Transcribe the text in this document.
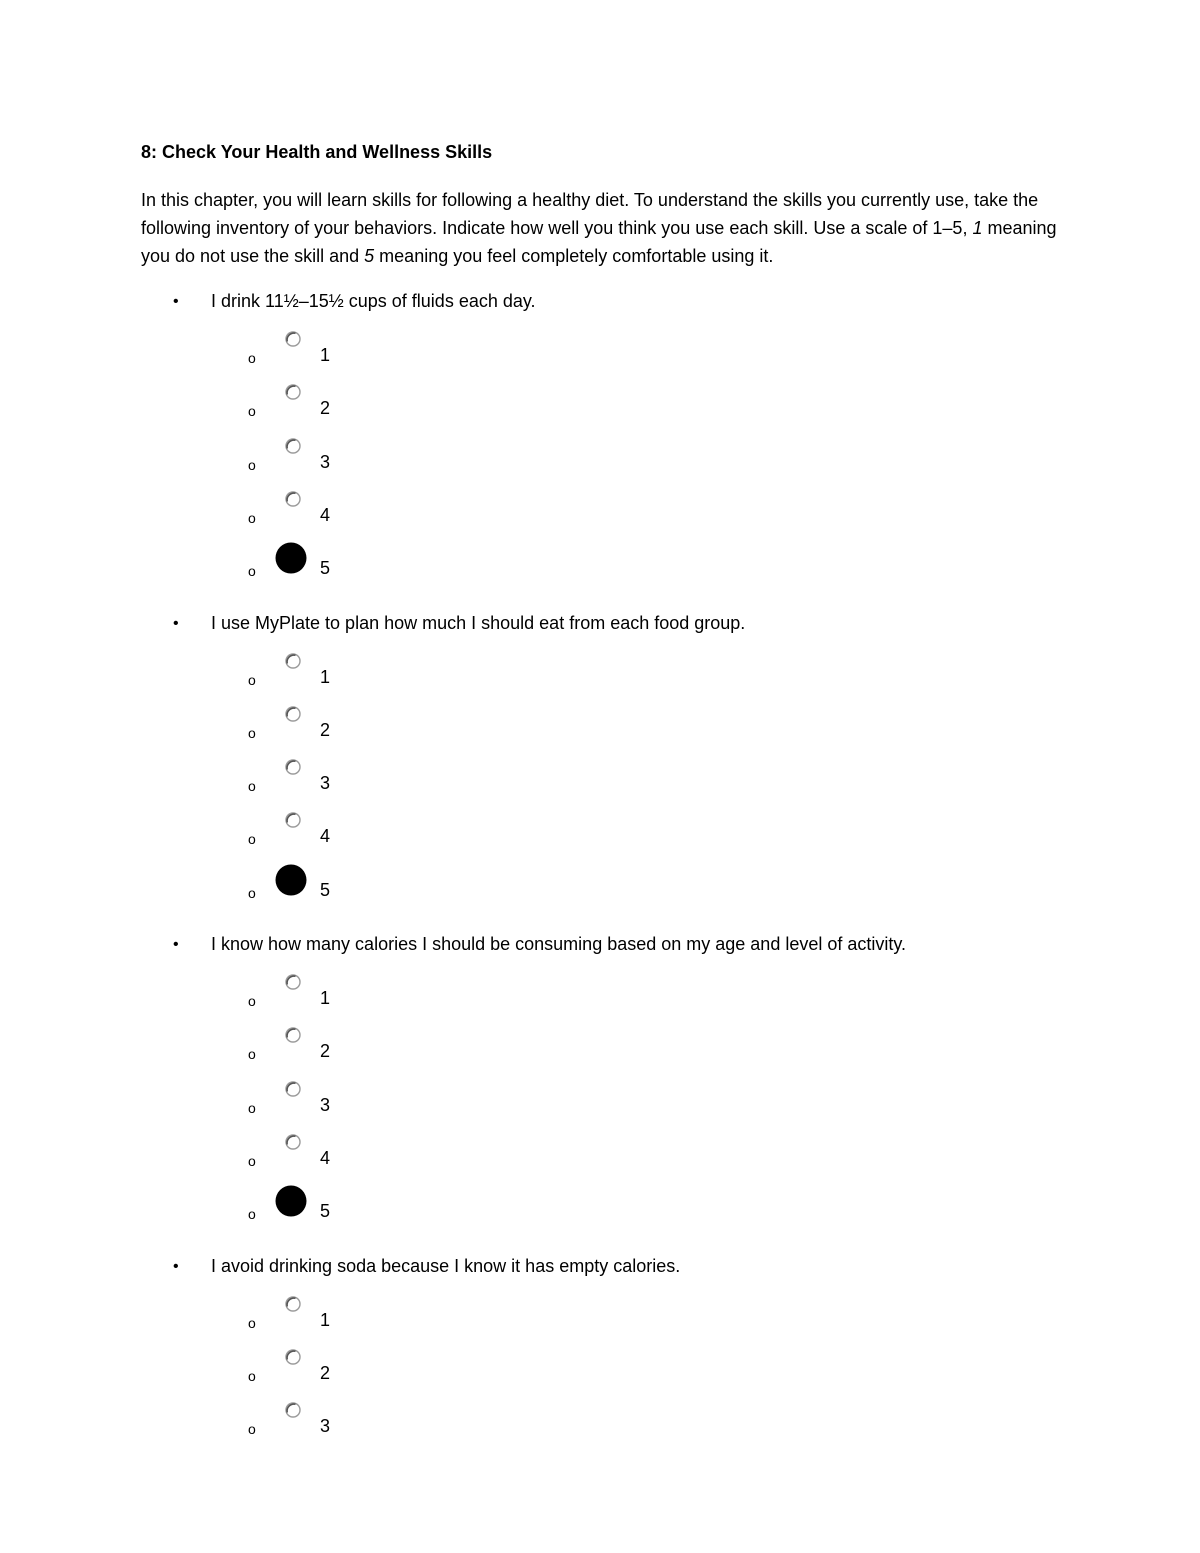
8: Check Your Health and Wellness Skills
In this chapter, you will learn skills for following a healthy diet. To understand the skills you currently use, take the following inventory of your behaviors. Indicate how well you think you use each skill. Use a scale of 1–5, 1 meaning you do not use the skill and 5 meaning you feel completely comfortable using it.
• I drink 11½–15½ cups of fluids each day.
o	1
o	2
o	3
o	4
o	5
• I use MyPlate to plan how much I should eat from each food group.
o	1
o	2
o	3
o	4
o	5
• I know how many calories I should be consuming based on my age and level of activity.
o	1
o	2
o	3
o	4
o	5
• I avoid drinking soda because I know it has empty calories.
o	1
o	2
o	3
